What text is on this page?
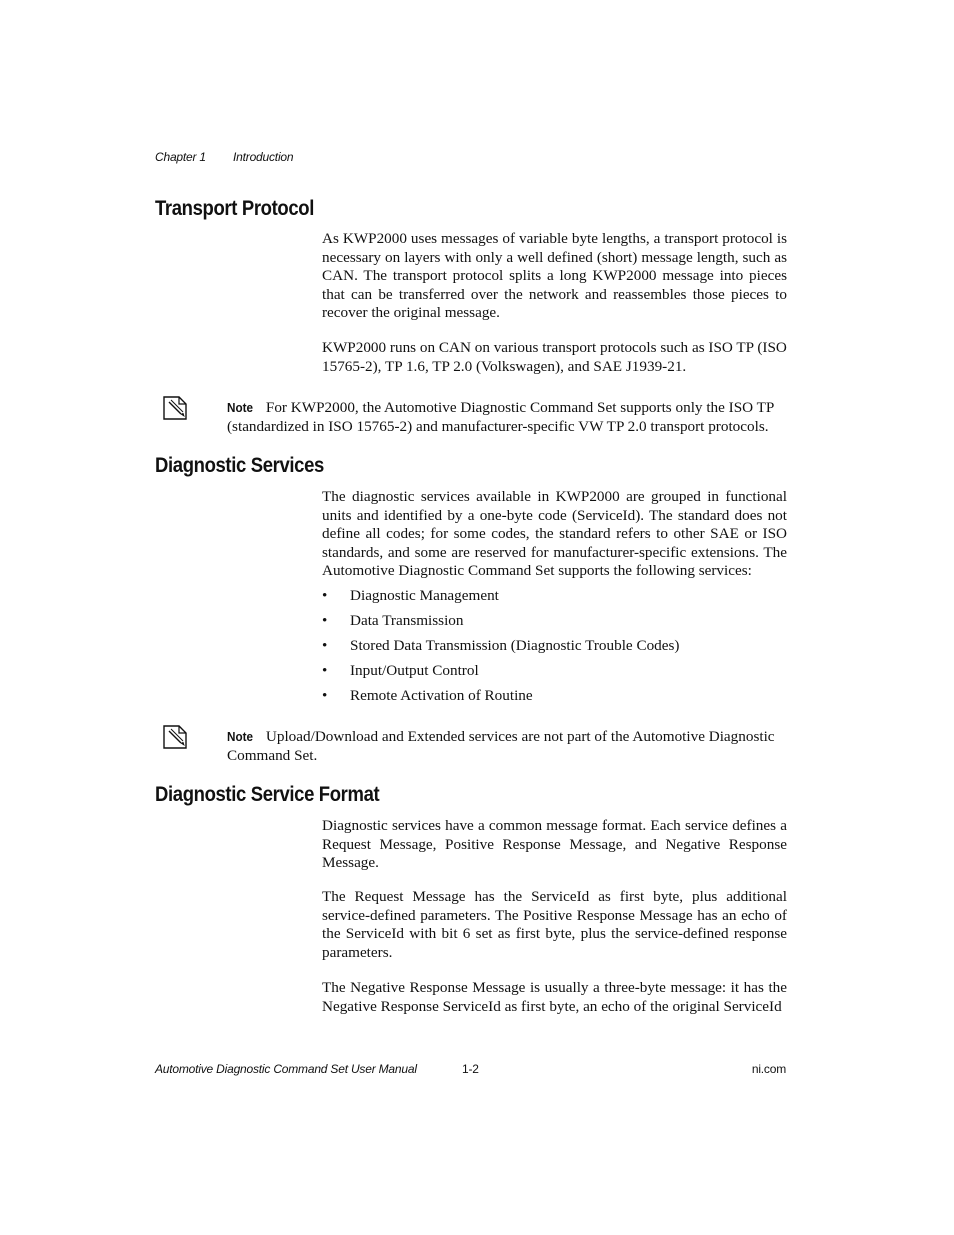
Chapter 1 Introduction
Transport Protocol

As KWP2000 uses messages of variable byte lengths, a transport protocol is necessary on layers with only a well defined (short) message length, such as CAN. The transport protocol splits a long KWP2000 message into pieces that can be transferred over the network and reassembles those pieces to recover the original message.

KWP2000 runs on CAN on various transport protocols such as ISO TP (ISO 15765-2), TP 1.6, TP 2.0 (Volkswagen), and SAE J1939-21.

Note For KWP2000, the Automotive Diagnostic Command Set supports only the ISO TP (standardized in ISO 15765-2) and manufacturer-specific VW TP 2.0 transport protocols.

Diagnostic Services

The diagnostic services available in KWP2000 are grouped in functional units and identified by a one-byte code (ServiceId). The standard does not define all codes; for some codes, the standard refers to other SAE or ISO standards, and some are reserved for manufacturer-specific extensions. The Automotive Diagnostic Command Set supports the following services:

• Diagnostic Management
• Data Transmission
• Stored Data Transmission (Diagnostic Trouble Codes)
• Input/Output Control
• Remote Activation of Routine

Note Upload/Download and Extended services are not part of the Automotive Diagnostic Command Set.

Diagnostic Service Format

Diagnostic services have a common message format. Each service defines a Request Message, Positive Response Message, and Negative Response Message.

The Request Message has the ServiceId as first byte, plus additional service-defined parameters. The Positive Response Message has an echo of the ServiceId with bit 6 set as first byte, plus the service-defined response parameters.

The Negative Response Message is usually a three-byte message: it has the Negative Response ServiceId as first byte, an echo of the original ServiceId

Automotive Diagnostic Command Set User Manual	1-2	ni.com
